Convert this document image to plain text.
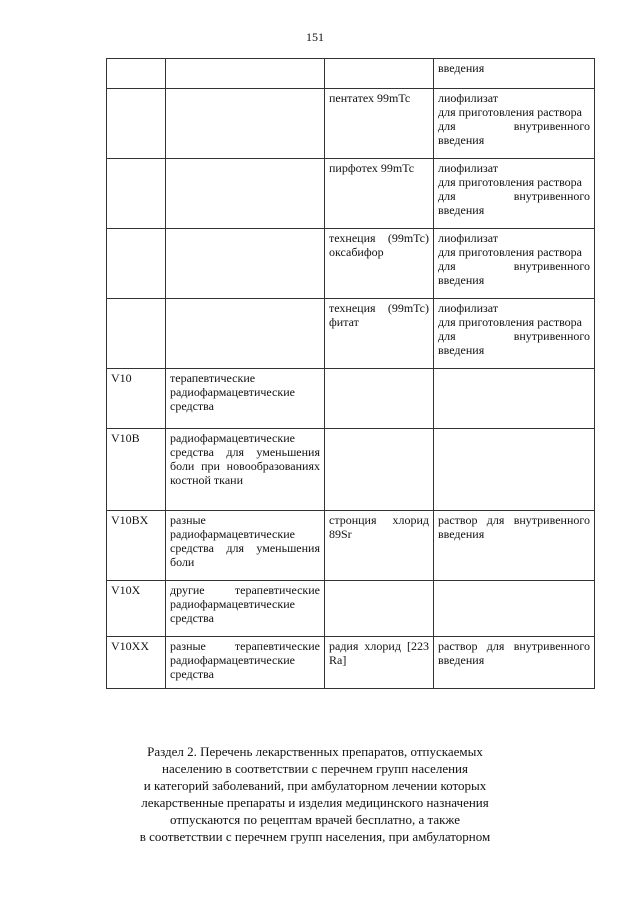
151

			введения

		пентатех 99mTc	лиофилизат
для приготовления раствора
для внутривенного
введения

		пирфотех 99mTc	лиофилизат
для приготовления раствора
для внутривенного
введения

		технеция (99mTc) оксабифор	лиофилизат
для приготовления раствора
для внутривенного
введения

		технеция (99mTc) фитат	лиофилизат
для приготовления раствора
для внутривенного
введения

V10	терапевтические радиофармацевтические средства		
V10B	радиофармацевтические средства для уменьшения боли при новообразованиях костной ткани		
V10BX	разные радиофармацевтические средства для уменьшения боли	стронция хлорид 89Sr	раствор для внутривенного введения

V10X	другие терапевтические радиофармацевтические средства		
V10XX	разные терапевтические радиофармацевтические средства	радия хлорид [223 Ra]	раствор для внутривенного введения
Раздел 2. Перечень лекарственных препаратов, отпускаемых
населению в соответствии с перечнем групп населения
и категорий заболеваний, при амбулаторном лечении которых
лекарственные препараты и изделия медицинского назначения
отпускаются по рецептам врачей бесплатно, а также
в соответствии с перечнем групп населения, при амбулаторном
